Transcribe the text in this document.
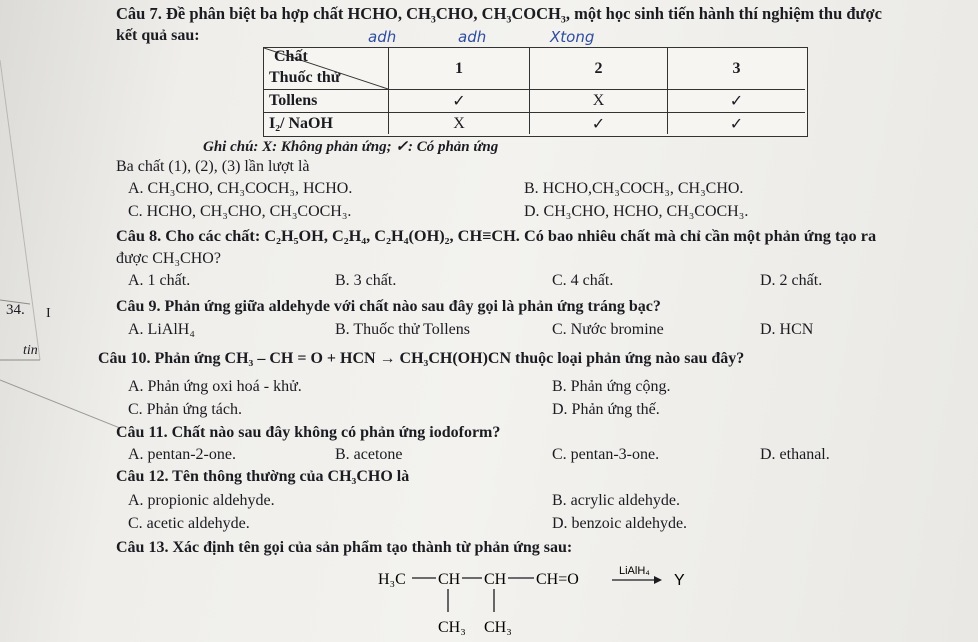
34. I
tin
Câu 7. Đề phân biệt ba hợp chất HCHO, CH₃CHO, CH₃COCH₃, một học sinh tiến hành thí nghiệm thu được
kết quả sau:	adh	adh	Xtong
Chất
Thuốc thử
1	2	3
Tollens	✓	X	✓
I₂/ NaOH	X	✓	✓
Ghi chú: X: Không phản ứng; ✓: Có phản ứng
Ba chất (1), (2), (3) lần lượt là
A. CH₃CHO, CH₃COCH₃, HCHO.	B. HCHO,CH₃COCH₃, CH₃CHO.
C. HCHO, CH₃CHO, CH₃COCH₃.	D. CH₃CHO, HCHO, CH₃COCH₃.
Câu 8. Cho các chất: C₂H₅OH, C₂H₄, C₂H₄(OH)₂, CH≡CH. Có bao nhiêu chất mà chỉ cần một phản ứng tạo ra
được CH₃CHO?
A. 1 chất.	B. 3 chất.	C. 4 chất.	D. 2 chất.
Câu 9. Phản ứng giữa aldehyde với chất nào sau đây gọi là phản ứng tráng bạc?
A. LiAlH₄	B. Thuốc thử Tollens	C. Nước bromine	D. HCN
Câu 10. Phản ứng CH₃ – CH = O + HCN → CH₃CH(OH)CN thuộc loại phản ứng nào sau đây?
A. Phản ứng oxi hoá - khử.	B. Phản ứng cộng.
C. Phản ứng tách.	D. Phản ứng thế.
Câu 11. Chất nào sau đây không có phản ứng iodoform?
A. pentan-2-one.	B. acetone	C. pentan-3-one.	D. ethanal.
Câu 12. Tên thông thường của CH₃CHO là
A. propionic aldehyde.	B. acrylic aldehyde.
C. acetic aldehyde.	D. benzoic aldehyde.
Câu 13. Xác định tên gọi của sản phẩm tạo thành từ phản ứng sau:
H₃C CH CH CH=O
CH₃ CH₃
LiAlH₄
Y
